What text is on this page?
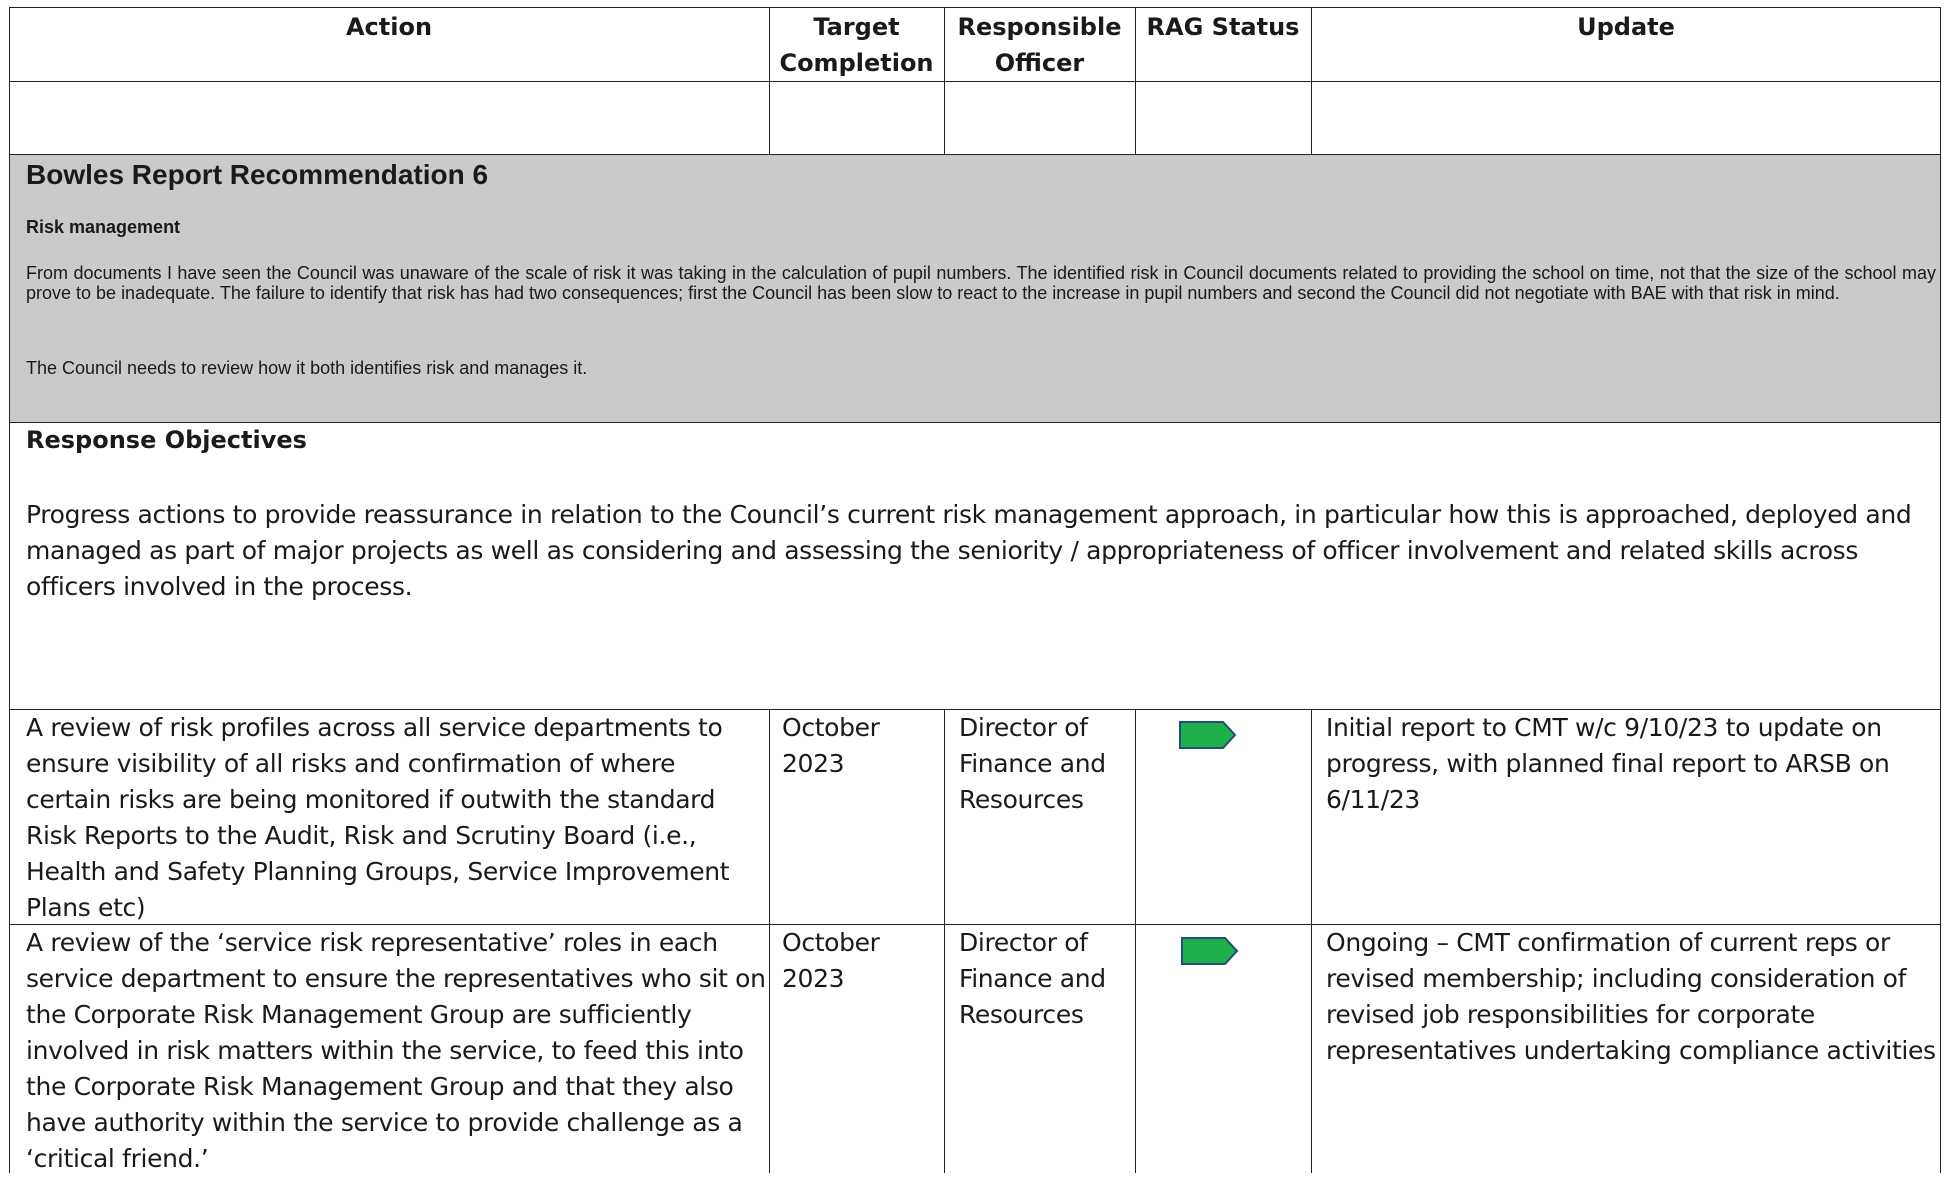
Action	Target
Completion
Responsible
Officer
RAG Status	Update
Bowles Report Recommendation 6
Risk management
From documents I have seen the Council was unaware of the scale of risk it was taking in the calculation of pupil numbers. The identified risk in Council documents related to providing the school on time, not that the size of the school may prove to be inadequate. The failure to identify that risk has had two consequences; first the Council has been slow to react to the increase in pupil numbers and second the Council did not negotiate with BAE with that risk in mind.
The Council needs to review how it both identifies risk and manages it.
Response Objectives
Progress actions to provide reassurance in relation to the Council’s current risk management approach, in particular how this is approached, deployed and managed as part of major projects as well as considering and assessing the seniority / appropriateness of officer involvement and related skills across officers involved in the process.
A review of risk profiles across all service departments to ensure visibility of all risks and confirmation of where certain risks are being monitored if outwith the standard Risk Reports to the Audit, Risk and Scrutiny Board (i.e., Health and Safety Planning Groups, Service Improvement Plans etc)
October 2023
Director of Finance and Resources
Initial report to CMT w/c 9/10/23 to update on progress, with planned final report to ARSB on 6/11/23
A review of the ‘service risk representative’ roles in each service department to ensure the representatives who sit on the Corporate Risk Management Group are sufficiently involved in risk matters within the service, to feed this into the Corporate Risk Management Group and that they also have authority within the service to provide challenge as a ‘critical friend.’
October 2023
Director of Finance and Resources
Ongoing – CMT confirmation of current reps or revised membership; including consideration of revised job responsibilities for corporate representatives undertaking compliance activities
